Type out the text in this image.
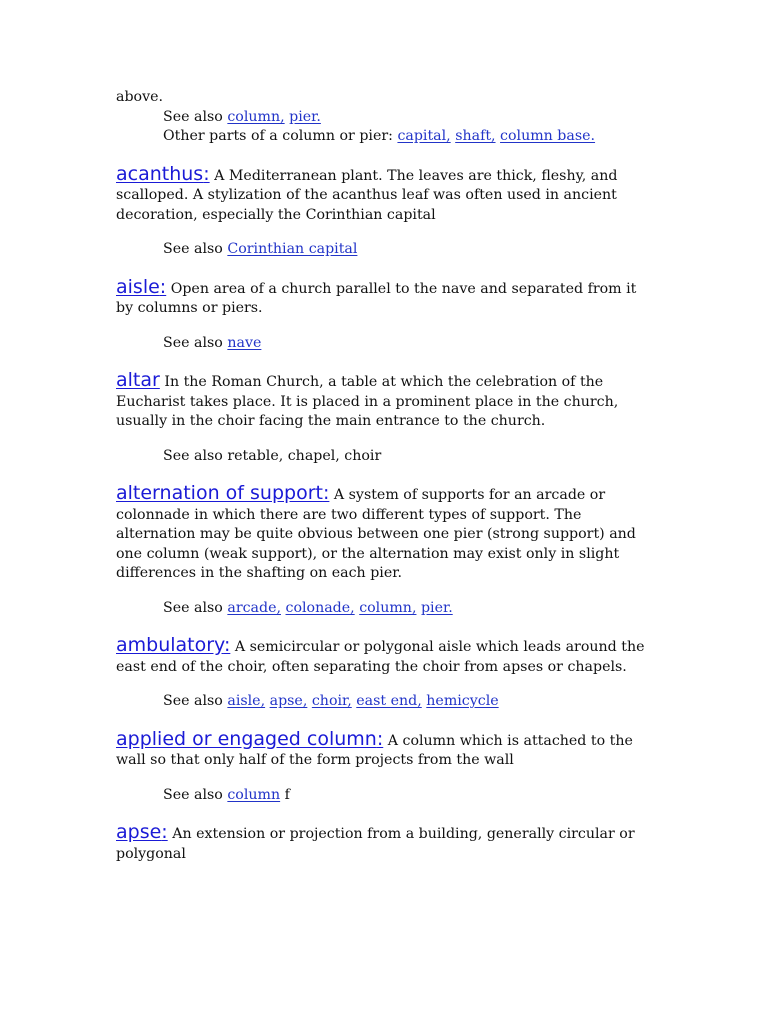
above.

See also column, pier.

Other parts of a column or pier: capital, shaft, column base.

acanthus: A Mediterranean plant. The leaves are thick, fleshy, and scalloped. A stylization of the acanthus leaf was often used in ancient decoration, especially the Corinthian capital

See also Corinthian capital

aisle: Open area of a church parallel to the nave and separated from it by columns or piers.

See also nave

altar In the Roman Church, a table at which the celebration of the Eucharist takes place. It is placed in a prominent place in the church, usually in the choir facing the main entrance to the church.

See also retable, chapel, choir

alternation of support: A system of supports for an arcade or colonnade in which there are two different types of support. The alternation may be quite obvious between one pier (strong support) and one column (weak support), or the alternation may exist only in slight differences in the shafting on each pier.

See also arcade, colonade, column, pier.

ambulatory: A semicircular or polygonal aisle which leads around the east end of the choir, often separating the choir from apses or chapels.

See also aisle, apse, choir, east end, hemicycle

applied or engaged column: A column which is attached to the wall so that only half of the form projects from the wall

See also column f

apse: An extension or projection from a building, generally circular or polygonal
